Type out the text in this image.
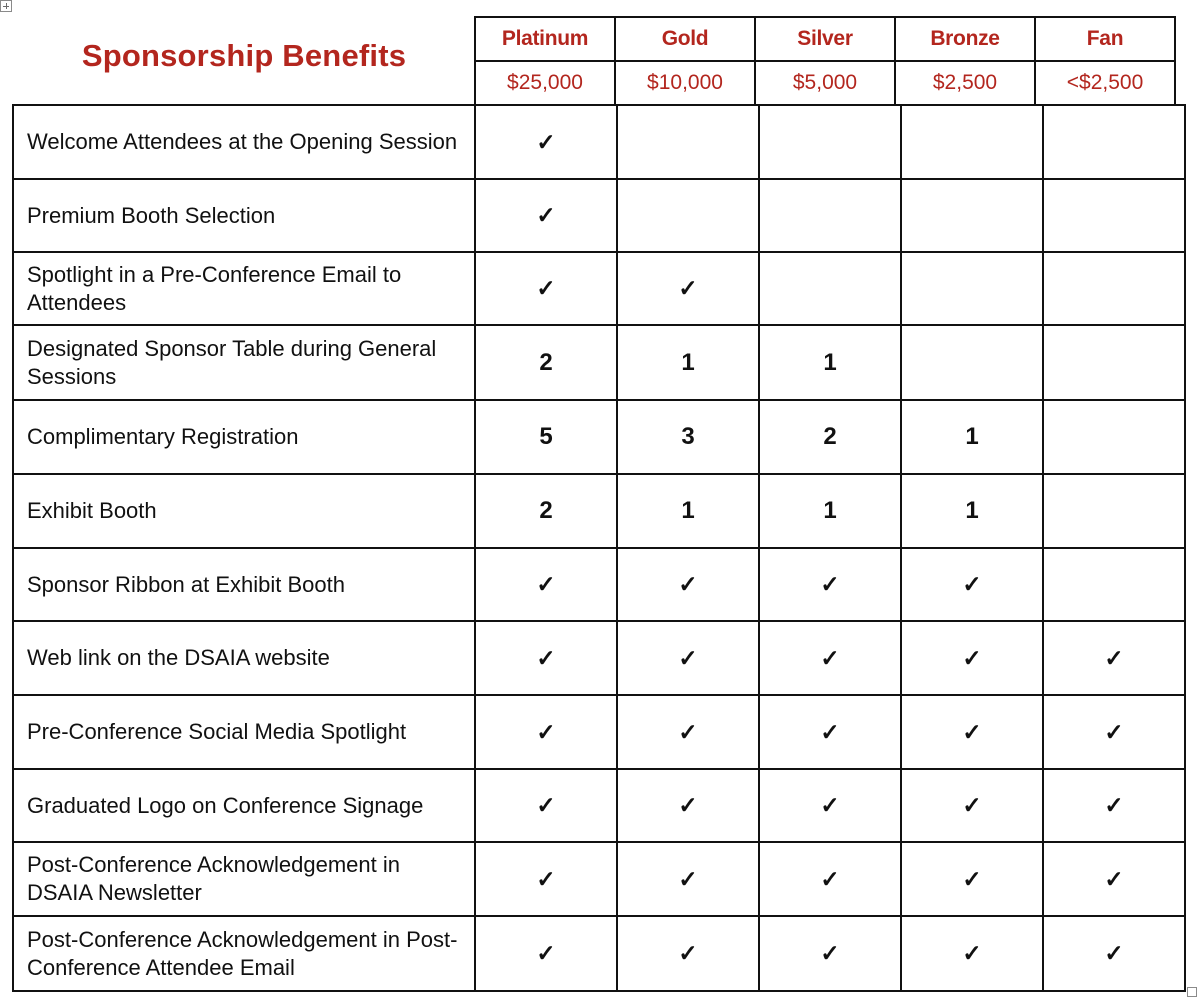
Sponsorship Benefits	Platinum	Gold	Silver	Bronze	Fan
$25,000	$10,000	$5,000	$2,500	<$2,500
Welcome Attendees at the Opening Session	✓				
Premium Booth Selection	✓				
Spotlight in a Pre-Conference Email to Attendees	✓	✓			
Designated Sponsor Table during General Sessions	2	1	1		
Complimentary Registration	5	3	2	1	
Exhibit Booth	2	1	1	1	
Sponsor Ribbon at Exhibit Booth	✓	✓	✓	✓	
Web link on the DSAIA website	✓	✓	✓	✓	✓
Pre-Conference Social Media Spotlight	✓	✓	✓	✓	✓
Graduated Logo on Conference Signage	✓	✓	✓	✓	✓
Post-Conference Acknowledgement in DSAIA Newsletter	✓	✓	✓	✓	✓
Post-Conference Acknowledgement in Post-Conference Attendee Email	✓	✓	✓	✓	✓
